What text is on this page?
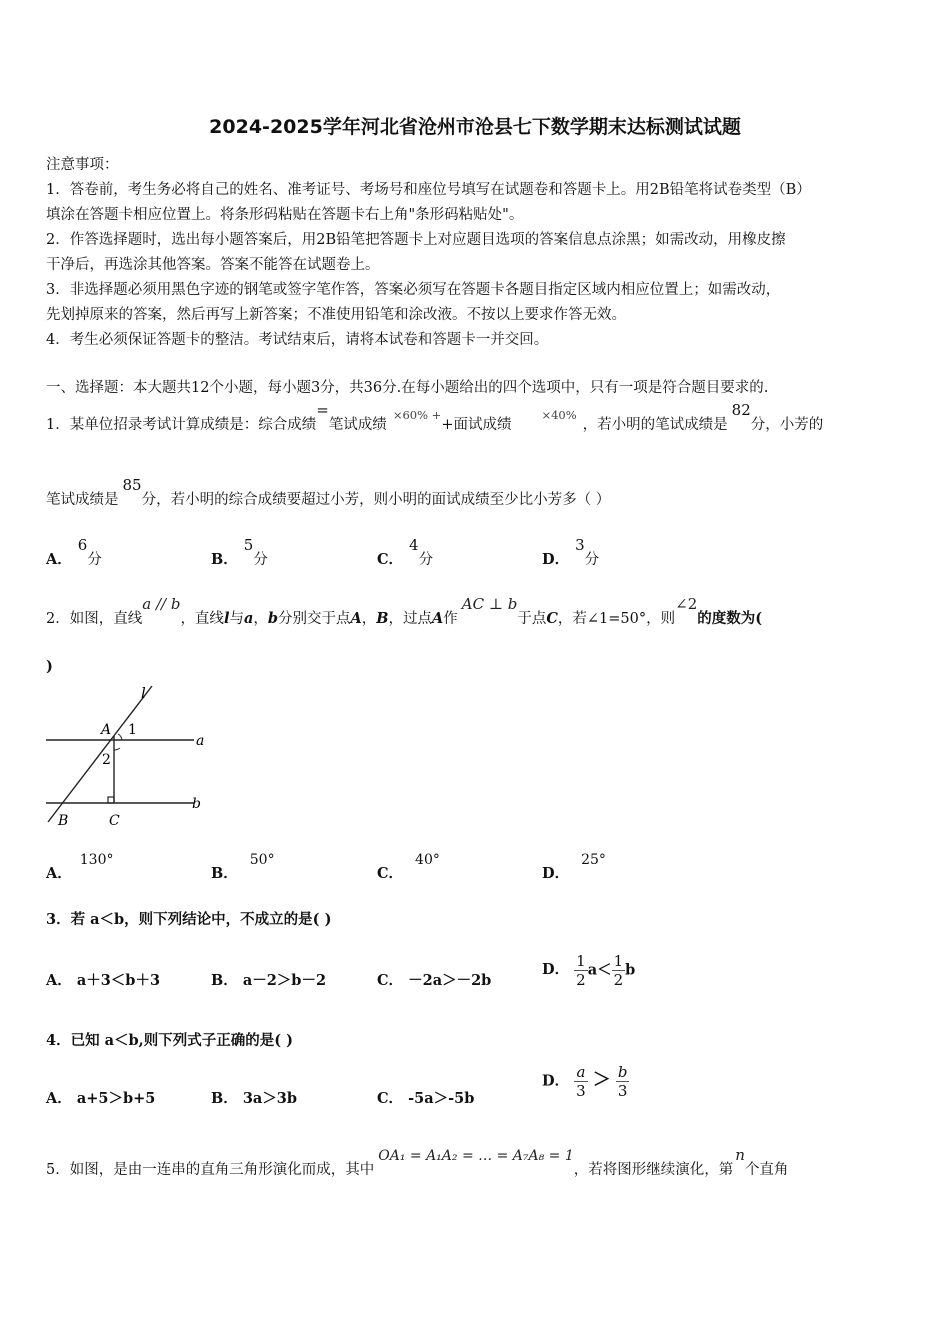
2024-2025学年河北省沧州市沧县七下数学期末达标测试试题
注意事项：
1．答卷前，考生务必将自己的姓名、准考证号、考场号和座位号填写在试题卷和答题卡上。用2B铅笔将试卷类型（B）
填涂在答题卡相应位置上。将条形码粘贴在答题卡右上角"条形码粘贴处"。
2．作答选择题时，选出每小题答案后，用2B铅笔把答题卡上对应题目选项的答案信息点涂黑；如需改动，用橡皮擦
干净后，再选涂其他答案。答案不能答在试题卷上。
3．非选择题必须用黑色字迹的钢笔或签字笔作答，答案必须写在答题卡各题目指定区域内相应位置上；如需改动，
先划掉原来的答案，然后再写上新答案；不准使用铅笔和涂改液。不按以上要求作答无效。
4．考生必须保证答题卡的整洁。考试结束后，请将本试卷和答题卡一并交回。
一、选择题：本大题共12个小题，每小题3分，共36分.在每小题给出的四个选项中，只有一项是符合题目要求的.
1．某单位招录考试计算成绩是：综合成绩=笔试成绩$^{\times 60\% +}$+面试成绩$^{\times 40\%}$，若小明的笔试成绩是82分，小芳的
笔试成绩是85分，若小明的综合成绩要超过小芳，则小明的面试成绩至少比小芳多（ ）
A．6分	B．5分	C．4分	D．3分
2．如图，直线a // b，直线l与a，b分别交于点A，B，过点A作AC ⊥ b于点C，若∠1=50°，则∠2的度数为(
)
l
A 1
a
2
b
B	C
A．130°
B．50°
C．40°
D．25°
3．若 a＜b，则下列结论中，不成立的是( )
A． a＋3＜b＋3	B． a－2＞b－2	C． －2a＞－2b
D． $\frac{1}{2} a< \frac{1}{2}$ b
4．已知 a＜b,则下列式子正确的是( )
A． a+5＞b+5	B． 3a＞3b	C． -5a＞-5b
D． $\frac{a}{3} > \frac{b}{3}$
5．如图，是由一连串的直角三角形演化而成，其中OA₁ = A₁A₂ = … = A₇A₈ = 1，若将图形继续演化，第n个直角
